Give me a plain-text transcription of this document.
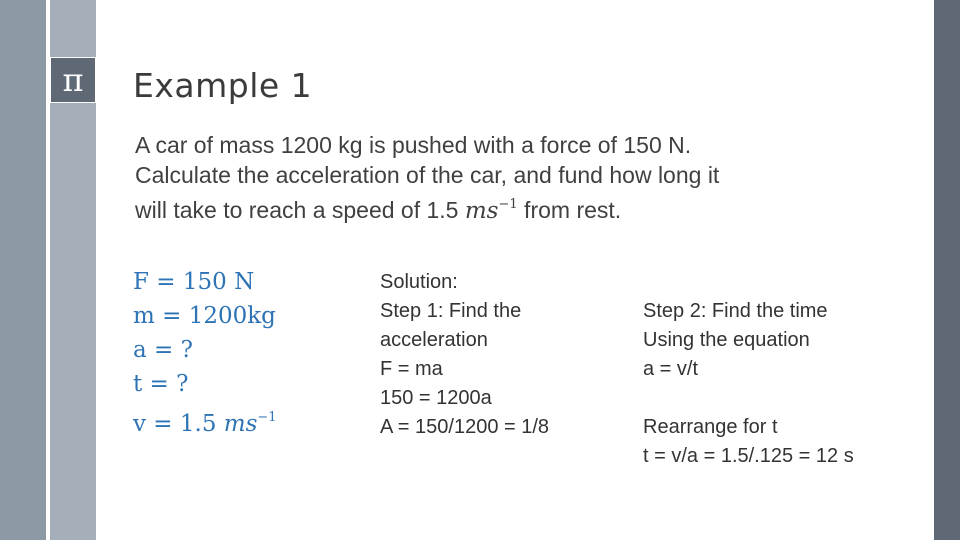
π Example 1
A car of mass 1200 kg is pushed with a force of 150 N.
Calculate the acceleration of the car, and fund how long it
will take to reach a speed of 1.5 $ms^{-1}$ from rest.
F = 150 N
m = 1200kg
a = ?
t = ?
v = 1.5 $ms^{-1}$
Solution:
Step 1: Find the
acceleration
F = ma
150 = 1200a
A = 150/1200 = 1/8
Step 2: Find the time
Using the equation
a = v/t
Rearrange for t
t = v/a = 1.5/.125 = 12 s
